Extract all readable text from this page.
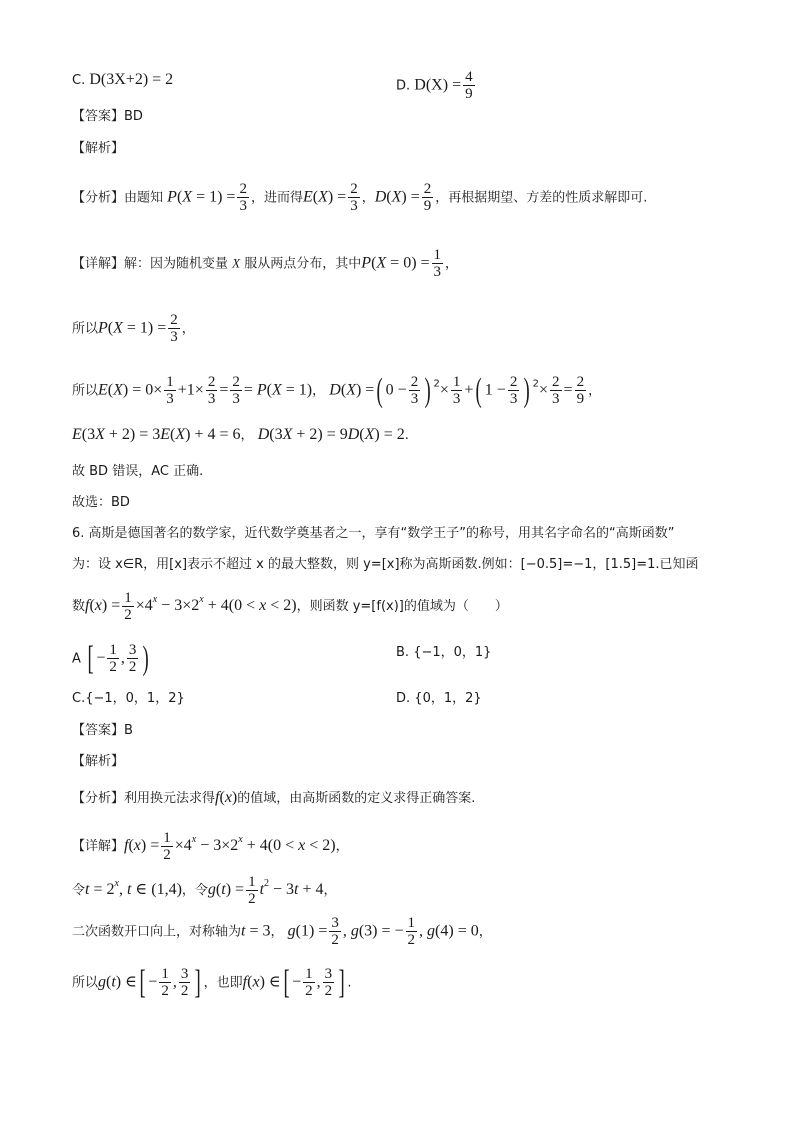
C. D(3X+2) = 2	D. $D(X) = \frac{4}{9}$
【答案】BD
【解析】
【分析】由题知 $P(X = 1) = \frac{2}{3}$ ，进而得$E(X) = \frac{2}{3}$ ，$D(X) = \frac{2}{9}$ ，再根据期望、方差的性质求解即可.
【详解】解：因为随机变量 X 服从两点分布，其中$P(X = 0) = \frac{1}{3}$ ，
所以$P(X = 1) = \frac{2}{3}$ ，
所以$E(X) = 0\times \frac{1}{3} +1\times \frac{2}{3} = \frac{2}{3} = P(X = 1)$， D(X) =( $0 - \frac{2}{3}$ ) $^2\times \frac{1}{3}$ +( $1 - \frac{2}{3}$ ) $^2\times \frac{2}{3} = \frac{2}{9}$ ，
E(3X + 2) = 3E(X) + 4 = 6， D(3X + 2) = 9D(X) = 2.
故 BD 错误，AC 正确.
故选：BD
6. 高斯是德国著名的数学家，近代数学奠基者之一，享有“数学王子”的称号，用其名字命名的“高斯函数”
为：设 x∈R，用[x]表示不超过 x 的最大整数，则 y=[x]称为高斯函数.例如：[−0.5]=−1，[1.5]=1.已知函
数$f(x) = \frac{1}{2} \times 4^x - 3\times 2^x + 4(0 < x < 2)$，则函数 y=[f(x)]的值域为（　　）
A [ − $\frac{1}{2}$ , $\frac{3}{2}$ )	B. {−1，0，1}
C.{−1，0，1，2}	D. {0，1，2}
【答案】B
【解析】
【分析】利用换元法求得f(x)的值域，由高斯函数的定义求得正确答案.
【详解】$f(x) = \frac{1}{2} \times 4^x - 3\times 2^x + 4(0 < x < 2)$，
令$t = 2^x$, t ∈ (1,4)，令$g(t) = \frac{1}{2} t^2 - 3t + 4$，
二次函数开口向上，对称轴为t = 3， $g(1) = \frac{3}{2}$ , g(3) = − $\frac{1}{2}$ , g(4) = 0，
所以g(t) ∈[ − $\frac{1}{2}$ , $\frac{3}{2}$ ] ，也即f(x) ∈[ − $\frac{1}{2}$ , $\frac{3}{2}$ ] .
